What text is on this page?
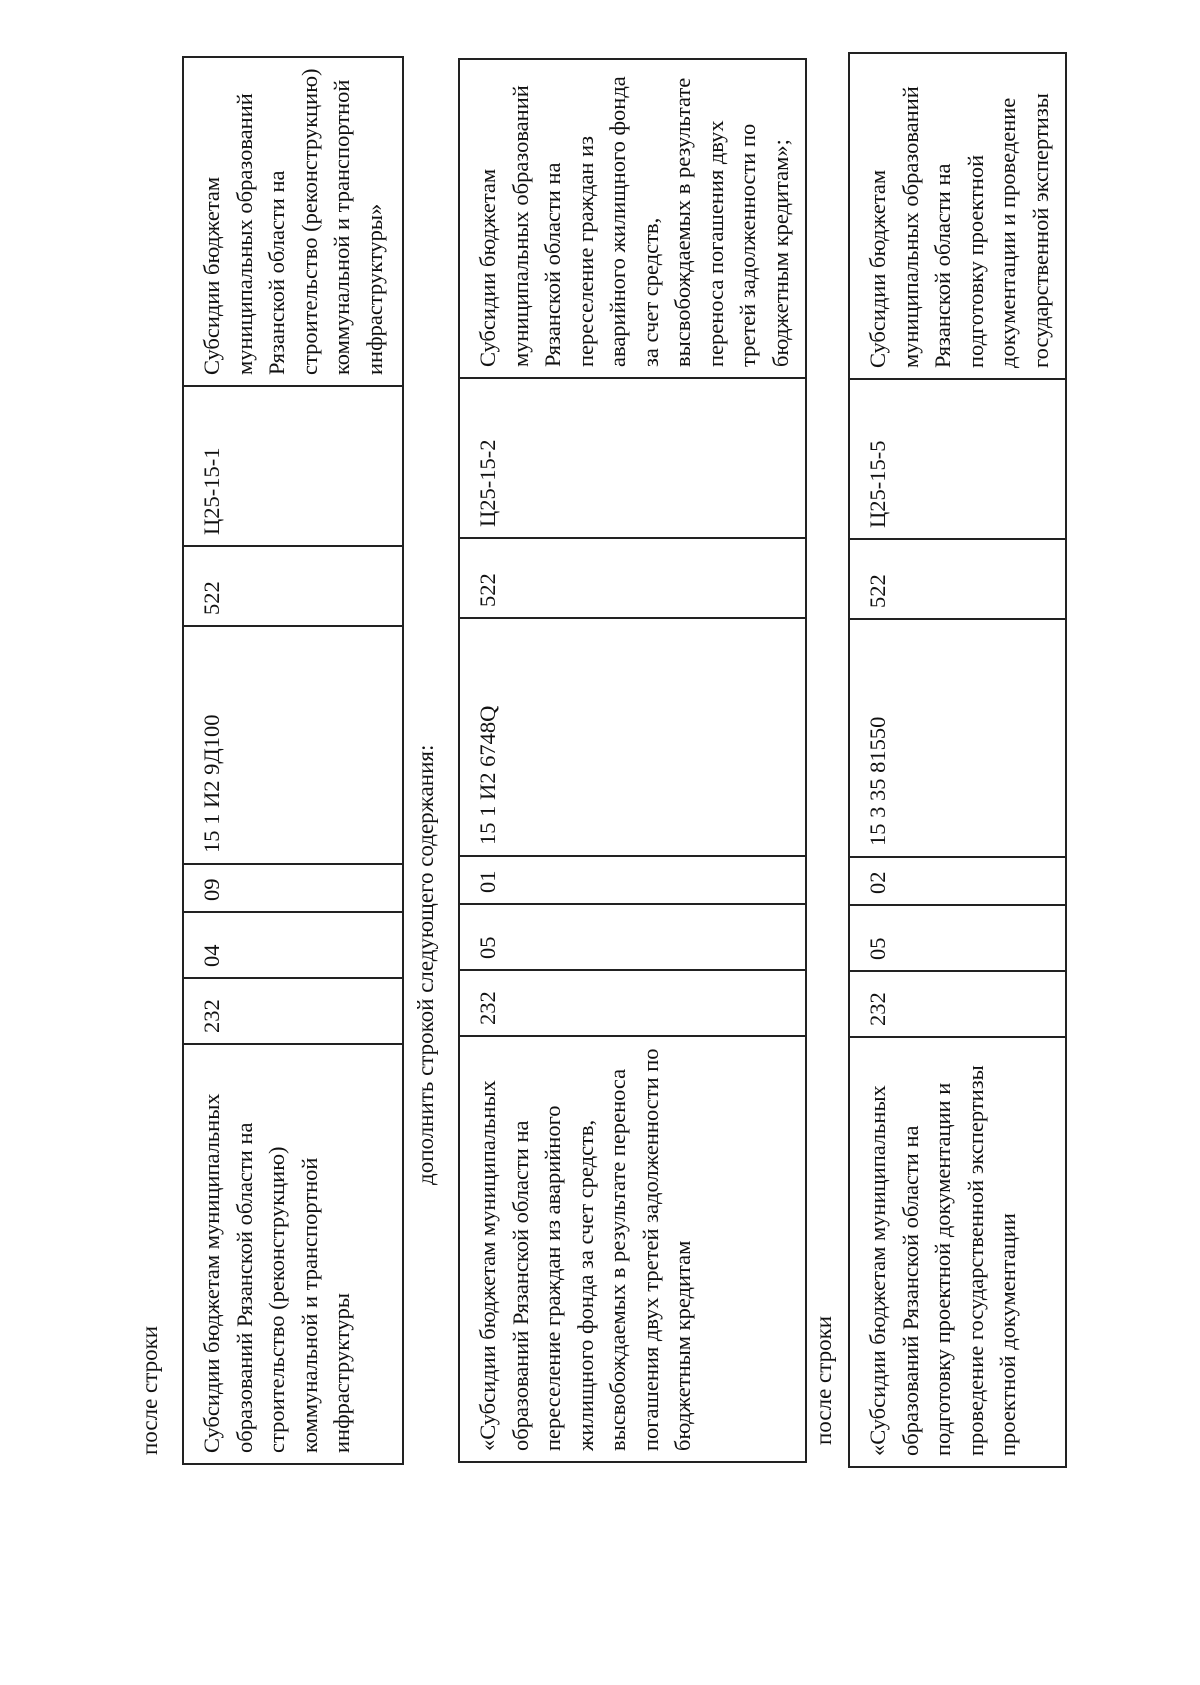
после строки Субсидии бюджетам муниципальных образований Рязанской области на строительство (реконструкцию) коммунальной и транспортной инфраструктуры	232	04	09	15 1 И2 9Д100	522	Ц25-15-1	Субсидии бюджетам муниципальных образований Рязанской области на строительство (реконструкцию) коммунальной и транспортной инфраструктуры»
дополнить строкой следующего содержания:
«Субсидии бюджетам муниципальных образований Рязанской области на переселение граждан из аварийного жилищного фонда за счет средств, высвобождаемых в результате переноса погашения двух третей задолженности по бюджетным кредитам	232	05	01	15 1 И2 6748Q	522	Ц25-15-2	Субсидии бюджетам муниципальных образований Рязанской области на переселение граждан из аварийного жилищного фонда за счет средств, высвобождаемых в результате переноса погашения двух третей задолженности по бюджетным кредитам»;
после строки «Субсидии бюджетам муниципальных образований Рязанской области на подготовку проектной документации и проведение государственной экспертизы проектной документации	232	05	02	15 3 35 81550	522	Ц25-15-5	Субсидии бюджетам муниципальных образований Рязанской области на подготовку проектной документации и проведение государственной экспертизы
